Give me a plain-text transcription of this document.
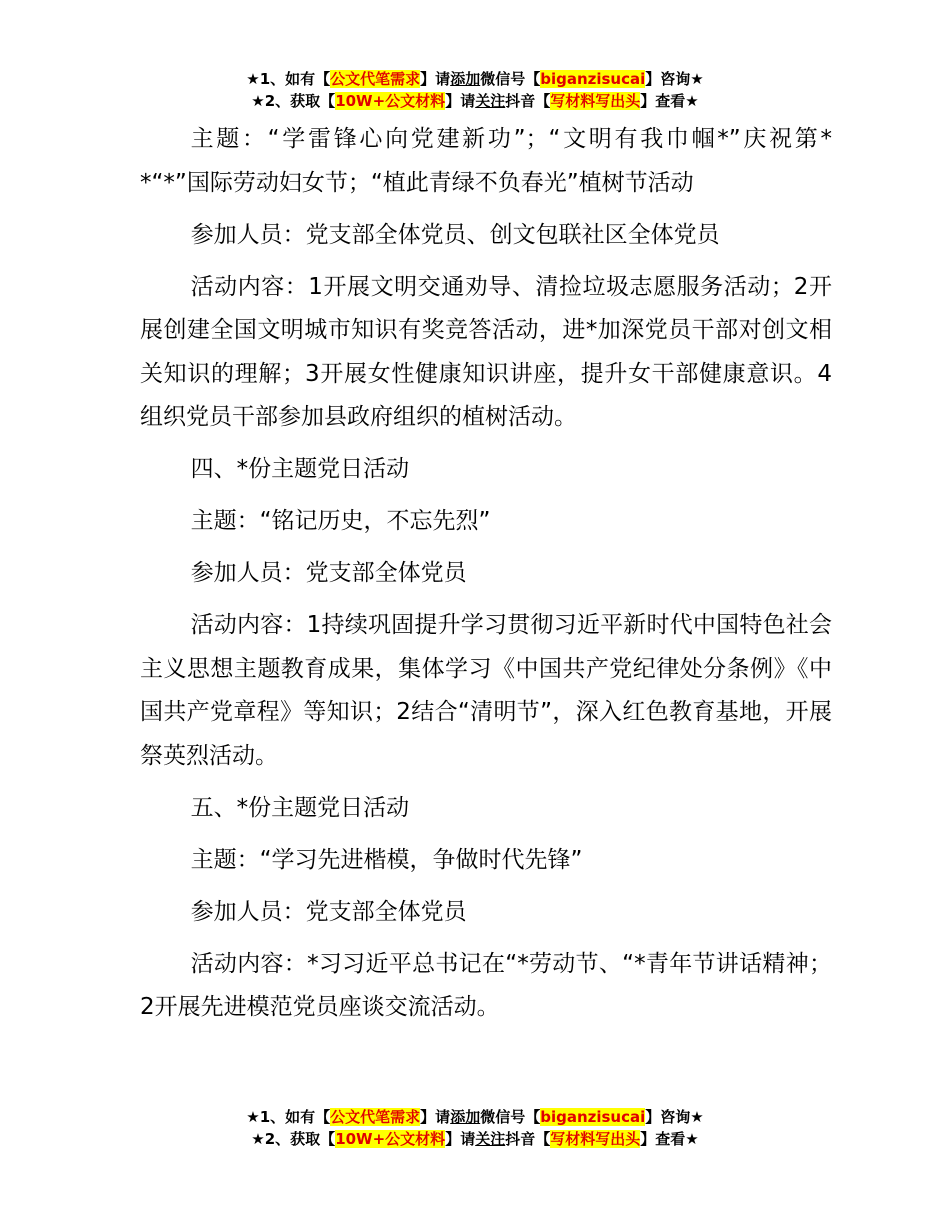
★1、如有【公文代笔需求】请添加微信号【biganzisucai】咨询★
★2、获取【10W+公文材料】请关注抖音【写材料写出头】查看★

主题：“学雷锋心向党建新功”；“文明有我巾帼*”庆祝第**“*”国际劳动妇女节；“植此青绿不负春光”植树节活动

参加人员：党支部全体党员、创文包联社区全体党员

活动内容：1开展文明交通劝导、清捡垃圾志愿服务活动；2开展创建全国文明城市知识有奖竞答活动，进*加深党员干部对创文相关知识的理解；3开展女性健康知识讲座，提升女干部健康意识。4组织党员干部参加县政府组织的植树活动。

四、*份主题党日活动

主题：“铭记历史，不忘先烈”

参加人员：党支部全体党员

活动内容：1持续巩固提升学习贯彻习近平新时代中国特色社会主义思想主题教育成果，集体学习《中国共产党纪律处分条例》《中国共产党章程》等知识；2结合“清明节”，深入红色教育基地，开展祭英烈活动。

五、*份主题党日活动

主题：“学习先进楷模，争做时代先锋”

参加人员：党支部全体党员

活动内容：*习习近平总书记在“*劳动节、“*青年节讲话精神；2开展先进模范党员座谈交流活动。

★1、如有【公文代笔需求】请添加微信号【biganzisucai】咨询★
★2、获取【10W+公文材料】请关注抖音【写材料写出头】查看★
